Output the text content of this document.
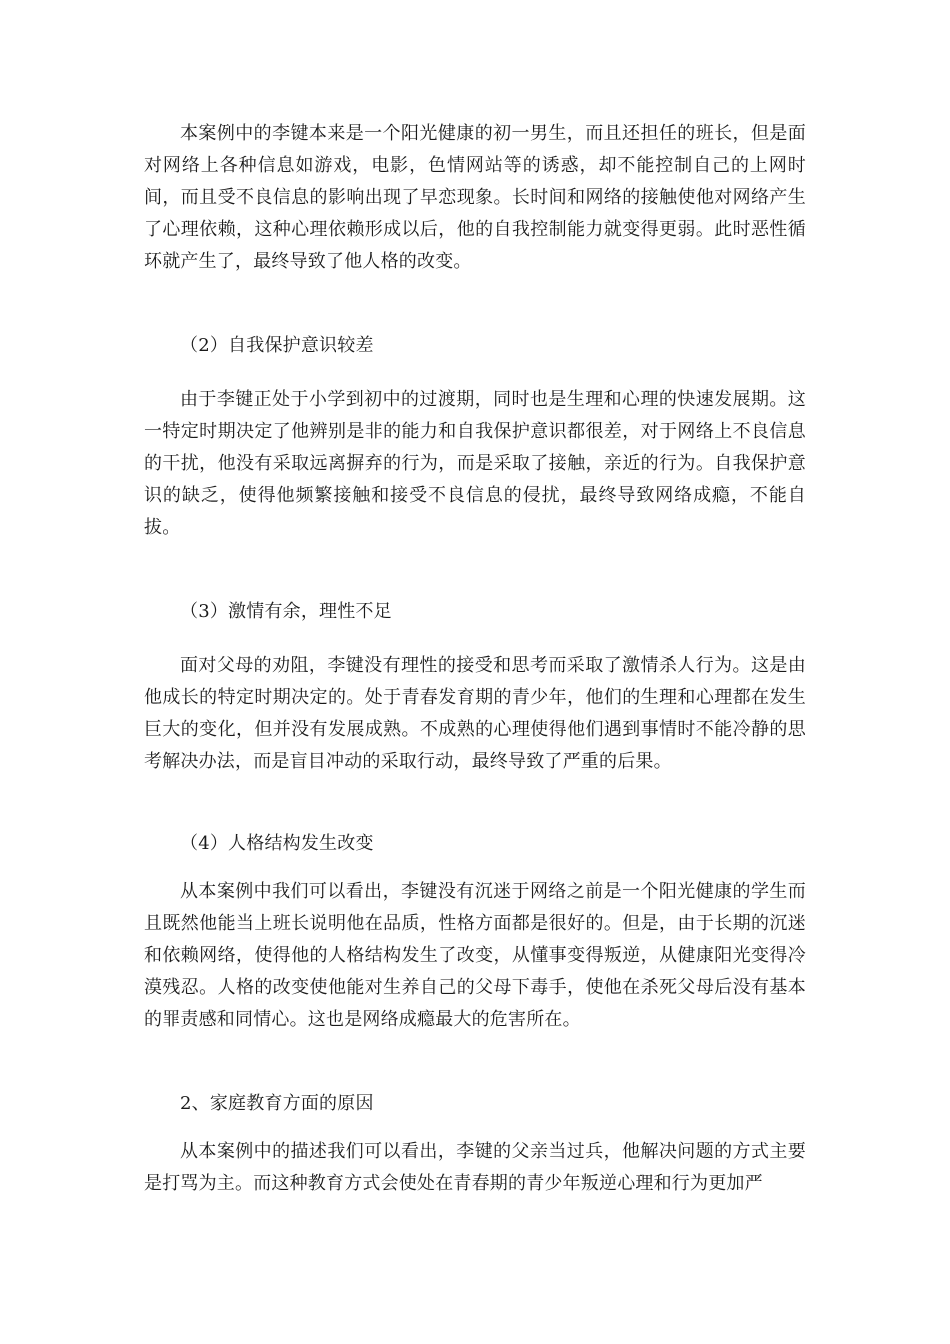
本案例中的李键本来是一个阳光健康的初一男生，而且还担任的班长，但是面对网络上各种信息如游戏，电影，色情网站等的诱惑，却不能控制自己的上网时间，而且受不良信息的影响出现了早恋现象。长时间和网络的接触使他对网络产生了心理依赖，这种心理依赖形成以后，他的自我控制能力就变得更弱。此时恶性循环就产生了，最终导致了他人格的改变。

（2）自我保护意识较差

由于李键正处于小学到初中的过渡期，同时也是生理和心理的快速发展期。这一特定时期决定了他辨别是非的能力和自我保护意识都很差，对于网络上不良信息的干扰，他没有采取远离摒弃的行为，而是采取了接触，亲近的行为。自我保护意识的缺乏，使得他频繁接触和接受不良信息的侵扰，最终导致网络成瘾，不能自拔。

（3）激情有余，理性不足

面对父母的劝阻，李键没有理性的接受和思考而采取了激情杀人行为。这是由他成长的特定时期决定的。处于青春发育期的青少年，他们的生理和心理都在发生巨大的变化，但并没有发展成熟。不成熟的心理使得他们遇到事情时不能冷静的思考解决办法，而是盲目冲动的采取行动，最终导致了严重的后果。

（4）人格结构发生改变

从本案例中我们可以看出，李键没有沉迷于网络之前是一个阳光健康的学生而且既然他能当上班长说明他在品质，性格方面都是很好的。但是，由于长期的沉迷和依赖网络，使得他的人格结构发生了改变，从懂事变得叛逆，从健康阳光变得冷漠残忍。人格的改变使他能对生养自己的父母下毒手，使他在杀死父母后没有基本的罪责感和同情心。这也是网络成瘾最大的危害所在。

2、家庭教育方面的原因

从本案例中的描述我们可以看出，李键的父亲当过兵，他解决问题的方式主要是打骂为主。而这种教育方式会使处在青春期的青少年叛逆心理和行为更加严
